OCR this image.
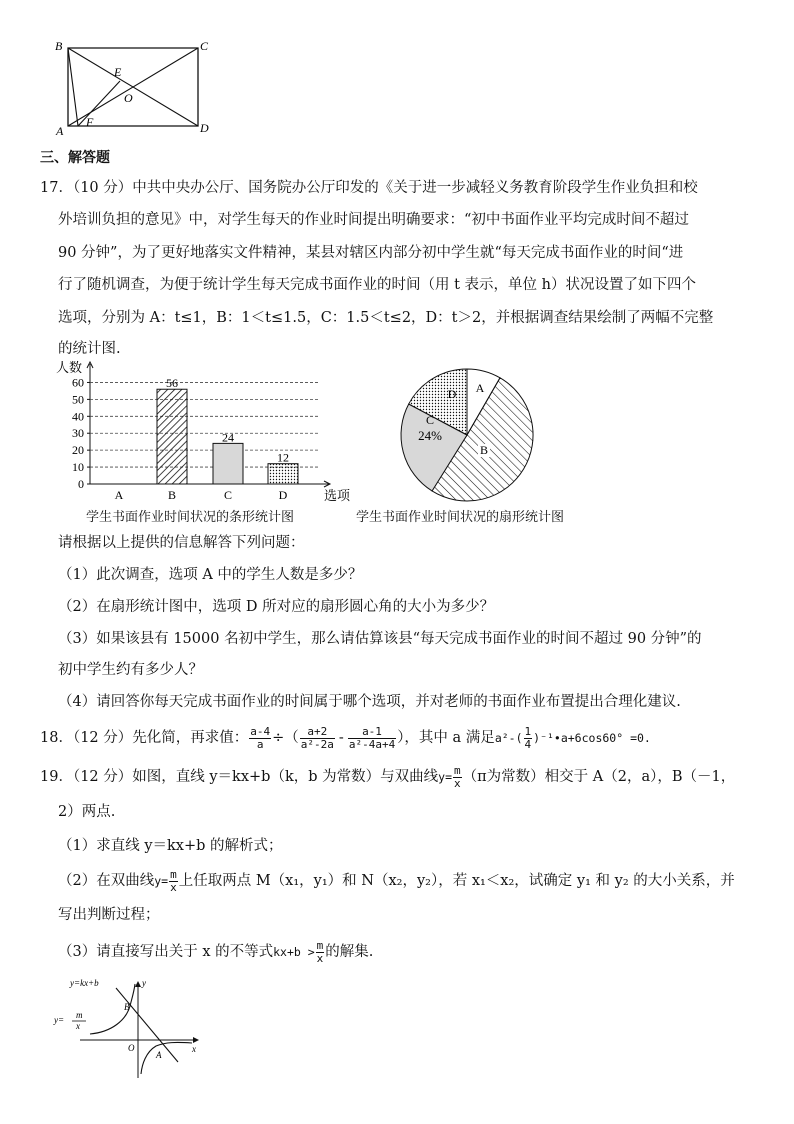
B	C
E
O
A
F	D
三、解答题
17．（10 分）中共中央办公厅、国务院办公厅印发的《关于进一步减轻义务教育阶段学生作业负担和校
外培训负担的意见》中，对学生每天的作业时间提出明确要求：“初中书面作业平均完成时间不超过
90 分钟”，为了更好地落实文件精神，某县对辖区内部分初中学生就“每天完成书面作业的时间“进
行了随机调查，为便于统计学生每天完成书面作业的时间（用 t 表示，单位 h）状况设置了如下四个
选项，分别为 A：t≤1，B：1＜t≤1.5，C：1.5＜t≤2，D：t＞2，并根据调查结果绘制了两幅不完整
的统计图.
0
10
20
30
40
50
60
人数
选项
A	B
56
C
24
D
12
学生书面作业时间状况的条形统计图
A
B
C
24%
D
学生书面作业时间状况的扇形统计图
请根据以上提供的信息解答下列问题：
（1）此次调查，选项 A 中的学生人数是多少？
（2）在扇形统计图中，选项 D 所对应的扇形圆心角的大小为多少？
（3）如果该县有 15000 名初中学生，那么请估算该县“每天完成书面作业的时间不超过 90 分钟”的
初中学生约有多少人？
（4）请回答你每天完成书面作业的时间属于哪个选项，并对老师的书面作业布置提出合理化建议.
18．（12 分）先化简，再求值： $\frac{a-4}{a}$ ÷（ $\frac{a+2}{\text{a²-2a}} - \frac{a-1}{\text{a²-4a+4}}$ ），其中 a 满足$a^2-( \frac{1}{4}$ )⁻¹•a+6cos60° =0.
19．（12 分）如图，直线 y＝kx+b（k，b 为常数）与双曲线$y= \frac{m}{x} (\pi$为常数）相交于 A（2，a），B（－1，
2）两点.
（1）求直线 y＝kx+b 的解析式；
（2）在双曲线$y= \frac{m}{x}$ 上任取两点 M（x₁，y₁）和 N（x₂，y₂），若 x₁＜x₂，试确定 y₁ 和 y₂ 的大小关系，并
写出判断过程；
（3）请直接写出关于 x 的不等式$kx+b > \frac{m}{x}$ 的解集.
y=kx+b
y= m
x
y
x
O
A
B
